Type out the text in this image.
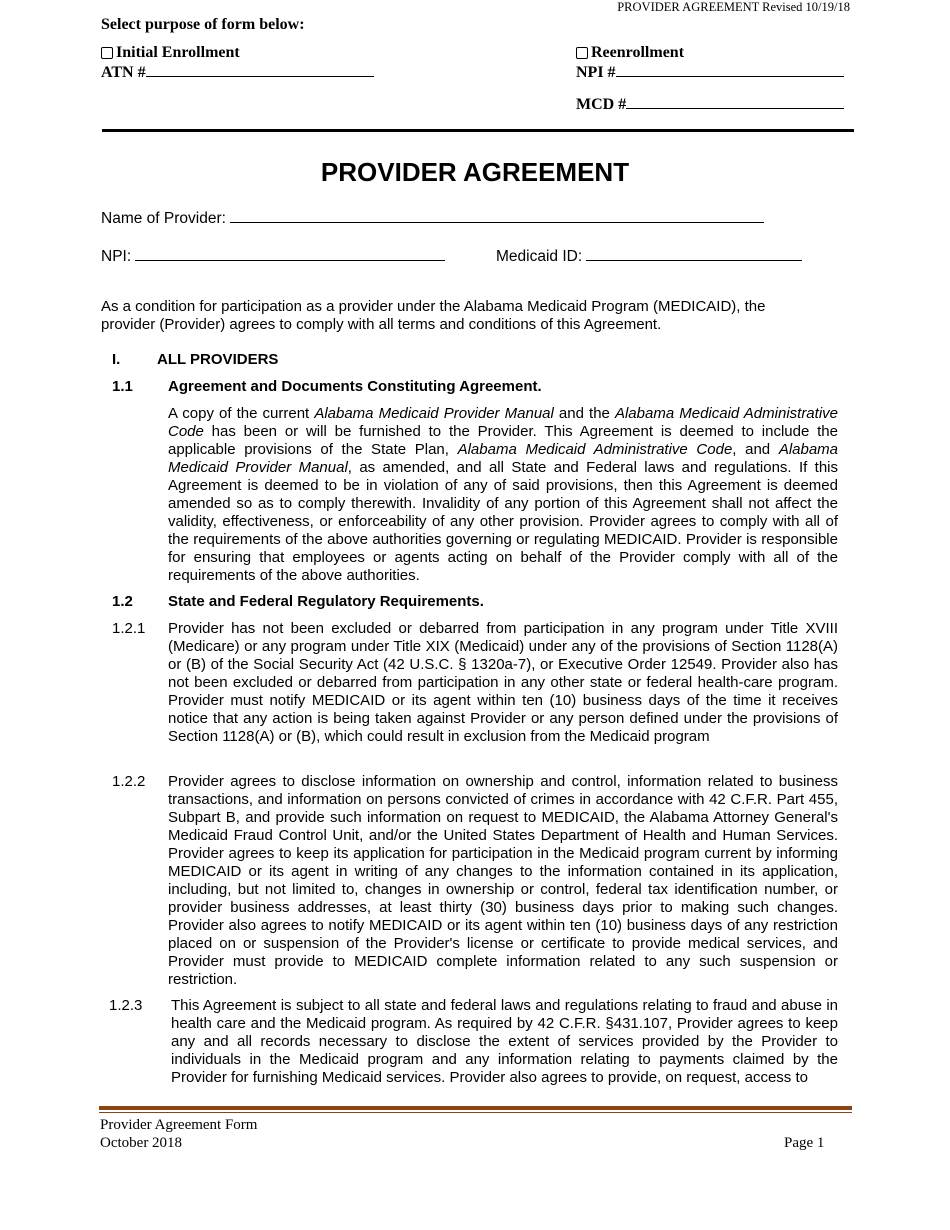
PROVIDER AGREEMENT Revised 10/19/18
Select purpose of form below:
Initial Enrollment
ATN #
Reenrollment
NPI #
MCD #
PROVIDER AGREEMENT
Name of Provider:
NPI:	Medicaid ID:
As a condition for participation as a provider under the Alabama Medicaid Program (MEDICAID), the provider (Provider) agrees to comply with all terms and conditions of this Agreement.
I. ALL PROVIDERS
1.1 Agreement and Documents Constituting Agreement.
A copy of the current Alabama Medicaid Provider Manual and the Alabama Medicaid Administrative Code has been or will be furnished to the Provider. This Agreement is deemed to include the applicable provisions of the State Plan, Alabama Medicaid Administrative Code, and Alabama Medicaid Provider Manual, as amended, and all State and Federal laws and regulations. If this Agreement is deemed to be in violation of any of said provisions, then this Agreement is deemed amended so as to comply therewith. Invalidity of any portion of this Agreement shall not affect the validity, effectiveness, or enforceability of any other provision. Provider agrees to comply with all of the requirements of the above authorities governing or regulating MEDICAID. Provider is responsible for ensuring that employees or agents acting on behalf of the Provider comply with all of the requirements of the above authorities.
1.2 State and Federal Regulatory Requirements.
1.2.1 Provider has not been excluded or debarred from participation in any program under Title XVIII (Medicare) or any program under Title XIX (Medicaid) under any of the provisions of Section 1128(A) or (B) of the Social Security Act (42 U.S.C. § 1320a-7), or Executive Order 12549. Provider also has not been excluded or debarred from participation in any other state or federal health-care program. Provider must notify MEDICAID or its agent within ten (10) business days of the time it receives notice that any action is being taken against Provider or any person defined under the provisions of Section 1128(A) or (B), which could result in exclusion from the Medicaid program
1.2.2 Provider agrees to disclose information on ownership and control, information related to business transactions, and information on persons convicted of crimes in accordance with 42 C.F.R. Part 455, Subpart B, and provide such information on request to MEDICAID, the Alabama Attorney General's Medicaid Fraud Control Unit, and/or the United States Department of Health and Human Services. Provider agrees to keep its application for participation in the Medicaid program current by informing MEDICAID or its agent in writing of any changes to the information contained in its application, including, but not limited to, changes in ownership or control, federal tax identification number, or provider business addresses, at least thirty (30) business days prior to making such changes. Provider also agrees to notify MEDICAID or its agent within ten (10) business days of any restriction placed on or suspension of the Provider's license or certificate to provide medical services, and Provider must provide to MEDICAID complete information related to any such suspension or restriction.
1.2.3 This Agreement is subject to all state and federal laws and regulations relating to fraud and abuse in health care and the Medicaid program. As required by 42 C.F.R. §431.107, Provider agrees to keep any and all records necessary to disclose the extent of services provided by the Provider to individuals in the Medicaid program and any information relating to payments claimed by the Provider for furnishing Medicaid services. Provider also agrees to provide, on request, access to
Provider Agreement Form
October 2018	Page 1
